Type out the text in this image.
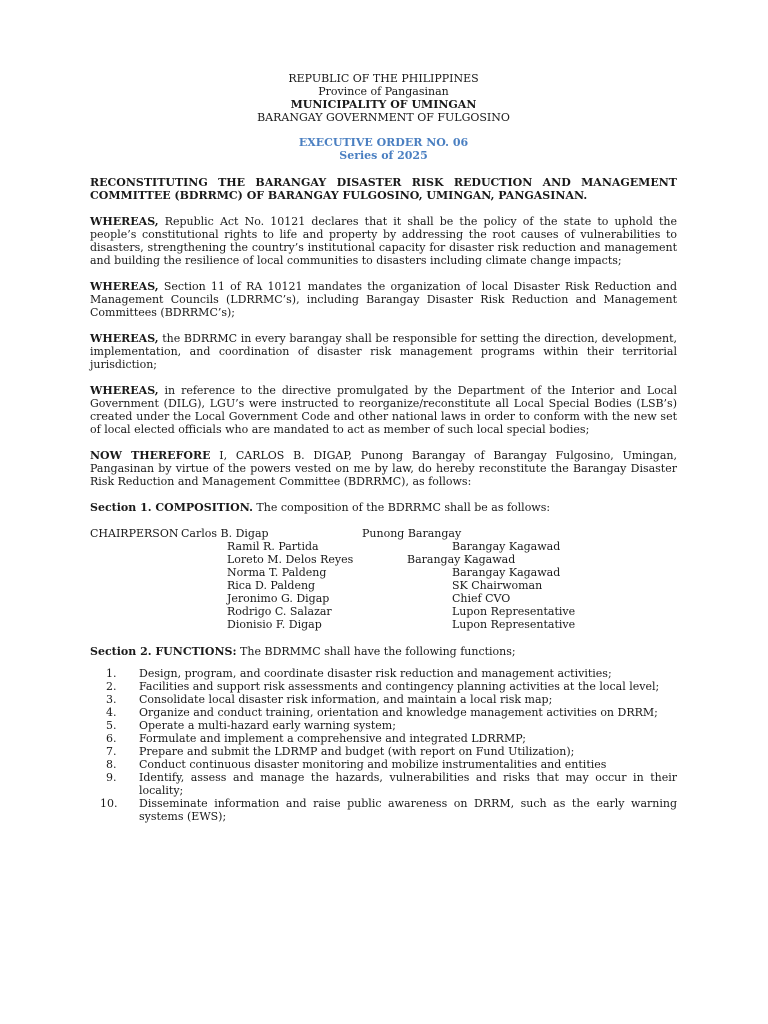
REPUBLIC OF THE PHILIPPINES
Province of Pangasinan
MUNICIPALITY OF UMINGAN
BARANGAY GOVERNMENT OF FULGOSINO
EXECUTIVE ORDER NO. 06
Series of 2025
RECONSTITUTING THE BARANGAY DISASTER RISK REDUCTION AND MANAGEMENT COMMITTEE (BDRRMC) OF BARANGAY FULGOSINO, UMINGAN, PANGASINAN.

WHEREAS, Republic Act No. 10121 declares that it shall be the policy of the state to uphold the people’s constitutional rights to life and property by addressing the root causes of vulnerabilities to disasters, strengthening the country’s institutional capacity for disaster risk reduction and management and building the resilience of local communities to disasters including climate change impacts;

WHEREAS, Section 11 of RA 10121 mandates the organization of local Disaster Risk Reduction and Management Councils (LDRRMC’s), including Barangay Disaster Risk Reduction and Management Committees (BDRRMC’s);

WHEREAS, the BDRRMC in every barangay shall be responsible for setting the direction, development, implementation, and coordination of disaster risk management programs within their territorial jurisdiction;

WHEREAS, in reference to the directive promulgated by the Department of the Interior and Local Government (DILG), LGU’s were instructed to reorganize/reconstitute all Local Special Bodies (LSB’s) created under the Local Government Code and other national laws in order to conform with the new set of local elected officials who are mandated to act as member of such local special bodies;

NOW THEREFORE I, CARLOS B. DIGAP, Punong Barangay of Barangay Fulgosino, Umingan, Pangasinan by virtue of the powers vested on me by law, do hereby reconstitute the Barangay Disaster Risk Reduction and Management Committee (BDRRMC), as follows:

Section 1. COMPOSITION. The composition of the BDRRMC shall be as follows:

CHAIRPERSON Carlos B. Digap	Punong Barangay
Ramil R. Partida	Barangay Kagawad
Loreto M. Delos Reyes	Barangay Kagawad
Norma T. Paldeng	Barangay Kagawad
Rica D. Paldeng	SK Chairwoman
Jeronimo G. Digap	Chief CVO
Rodrigo C. Salazar	Lupon Representative
Dionisio F. Digap	Lupon Representative

Section 2. FUNCTIONS: The BDRMMC shall have the following functions;

1.	Design, program, and coordinate disaster risk reduction and management activities;
2.	Facilities and support risk assessments and contingency planning activities at the local level;
3.	Consolidate local disaster risk information, and maintain a local risk map;
4.	Organize and conduct training, orientation and knowledge management activities on DRRM;
5.	Operate a multi-hazard early warning system;
6.	Formulate and implement a comprehensive and integrated LDRRMP;
7.	Prepare and submit the LDRMP and budget (with report on Fund Utilization);
8.	Conduct continuous disaster monitoring and mobilize instrumentalities and entities
9.	Identify, assess and manage the hazards, vulnerabilities and risks that may occur in their locality;
10.	Disseminate information and raise public awareness on DRRM, such as the early warning systems (EWS);
